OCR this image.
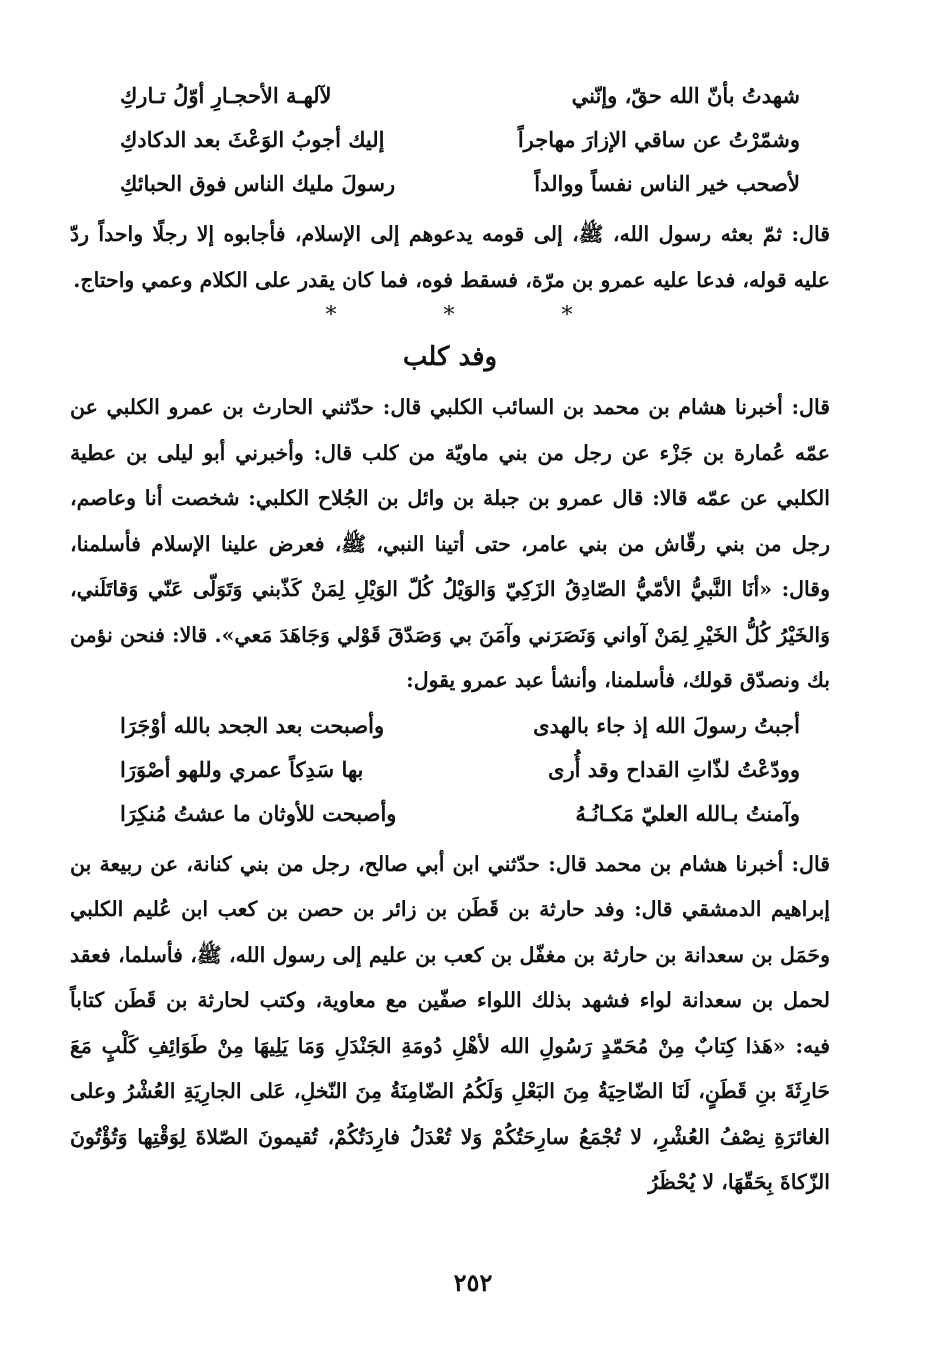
شهدتُ بأنّ الله حقّ، وإنّني
لآلهـة الأحجـارِ أوّلُ تـاركِ
وشمّرْتُ عن ساقي الإزارَ مهاجراً
إليك أجوبُ الوَعْثَ بعد الدكادكِ
لأصحب خير الناس نفساً ووالداً
رسولَ مليك الناس فوق الحبائكِ

قال: ثمّ بعثه رسول الله، ﷺ، إلى قومه يدعوهم إلى الإسلام، فأجابوه إلا رجلًا واحداً ردّ عليه قوله، فدعا عليه عمرو بن مرّة، فسقط فوه، فما كان يقدر على الكلام وعمي واحتاج.

* * *
وفد كلب

قال: أخبرنا هشام بن محمد بن السائب الكلبي قال: حدّثني الحارث بن عمرو الكلبي عن عمّه عُمارة بن جَزْء عن رجل من بني ماويّة من كلب قال: وأخبرني أبو ليلى بن عطية الكلبي عن عمّه قالا: قال عمرو بن جبلة بن وائل بن الجُلاح الكلبي: شخصت أنا وعاصم، رجل من بني رقّاش من بني عامر، حتى أتينا النبي، ﷺ، فعرض علينا الإسلام فأسلمنا، وقال: «أنَا النَّبيُّ الأمّيُّ الصّادِقُ الزَكِيّ وَالوَيْلُ كُلّ الوَيْلِ لِمَنْ كَذّبني وَتَوَلّى عَنّي وَقاتَلَني، وَالخَيْرُ كُلُّ الخَيْرِ لِمَنْ آواني وَنَصَرَني وآمَنَ بي وَصَدّقَ قَوْلي وَجَاهَدَ مَعي». قالا: فنحن نؤمن بك ونصدّق قولك، فأسلمنا، وأنشأ عبد عمرو يقول:

أجبتُ رسولَ الله إذ جاء بالهدى
وأصبحت بعد الجحد بالله أوْجَرَا
وودّعْتُ لذّاتِ القداح وقد أُرى
بها سَدِكاً عمري وللهو أصْوَرَا
وآمنتُ بـالله العليّ مَكـانُـهُ
وأصبحت للأوثان ما عشتُ مُنكِرَا

قال: أخبرنا هشام بن محمد قال: حدّثني ابن أبي صالح، رجل من بني كنانة، عن ربيعة بن إبراهيم الدمشقي قال: وفد حارثة بن قَطَن بن زائر بن حصن بن كعب ابن عُليم الكلبي وحَمَل بن سعدانة بن حارثة بن مغفّل بن كعب بن عليم إلى رسول الله، ﷺ، فأسلما، فعقد لحمل بن سعدانة لواء فشهد بذلك اللواء صفّين مع معاوية، وكتب لحارثة بن قَطَن كتاباً فيه: «هَذا كِتابٌ مِنْ مُحَمّدٍ رَسُولِ الله لأهْلِ دُومَةِ الجَنْدَلِ وَمَا يَلِيهَا مِنْ طَوَائِفِ كَلْبٍ مَعَ حَارِثَةَ بنِ قَطَنٍ، لَنَا الضّاحِيَةُ مِنَ البَعْلِ وَلَكُمُ الضّامِنَةُ مِنَ النّخلِ، عَلى الجارِيَةِ العُشْرُ وعلى الغائرَةِ نِصْفُ العُشْرِ، لا تُجْمَعُ سارِحَتُكُمْ وَلا تُعْدَلُ فارِدَتُكُمْ، تُقيمونَ الصّلاةَ لِوَقْتِها وَتُؤْتُونَ الزّكاةَ بِحَقّهَا، لا يُحْظَرُ

٢٥٢
